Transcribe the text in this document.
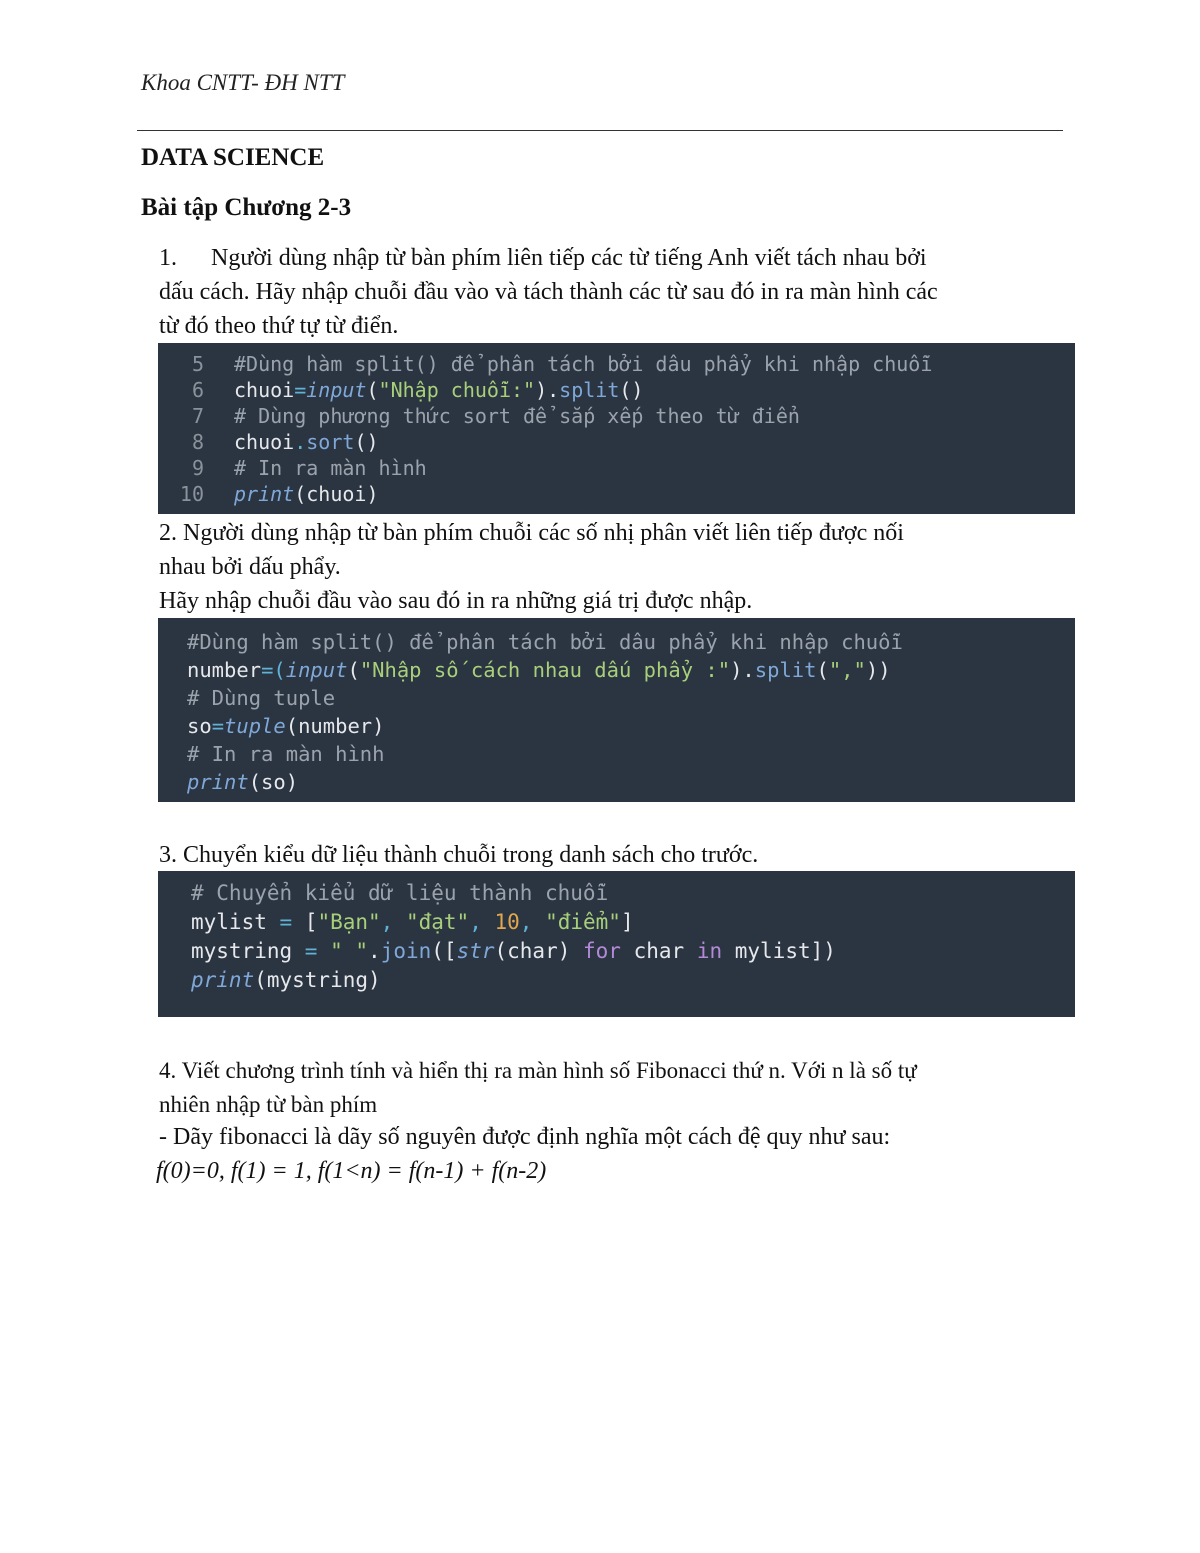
Khoa CNTT- ĐH NTT
DATA SCIENCE
Bài tập Chương 2-3
1. Người dùng nhập từ bàn phím liên tiếp các từ tiếng Anh viết tách nhau bởi
dấu cách. Hãy nhập chuỗi đầu vào và tách thành các từ sau đó in ra màn hình các
từ đó theo thứ tự từ điển.
5 #Dùng hàm split() để phân tách bởi dâu phẩy khi nhập chuỗi
6 chuoi=input("Nhập chuỗi:").split()
7 # Dùng phương thức sort để sắp xếp theo từ điển
8 chuoi.sort()
9 # In ra màn hình
10 print(chuoi)
2. Người dùng nhập từ bàn phím chuỗi các số nhị phân viết liên tiếp được nối
nhau bởi dấu phẩy.
Hãy nhập chuỗi đầu vào sau đó in ra những giá trị được nhập.
#Dùng hàm split() để phân tách bởi dâu phẩy khi nhập chuỗi
number=(input("Nhập số cách nhau dấu phẩy :").split(","))
# Dùng tuple
so=tuple(number)
# In ra màn hình
print(so)
3. Chuyển kiểu dữ liệu thành chuỗi trong danh sách cho trước.
# Chuyển kiểu dữ liệu thành chuỗi
mylist = ["Bạn", "đạt", 10, "điểm"]
mystring = " ".join([str(char) for char in mylist])
print(mystring)
4. Viết chương trình tính và hiển thị ra màn hình số Fibonacci thứ n. Với n là số tự
nhiên nhập từ bàn phím
- Dãy fibonacci là dãy số nguyên được định nghĩa một cách đệ quy như sau:
f(0)=0, f(1) = 1, f(1<n) = f(n-1) + f(n-2)
